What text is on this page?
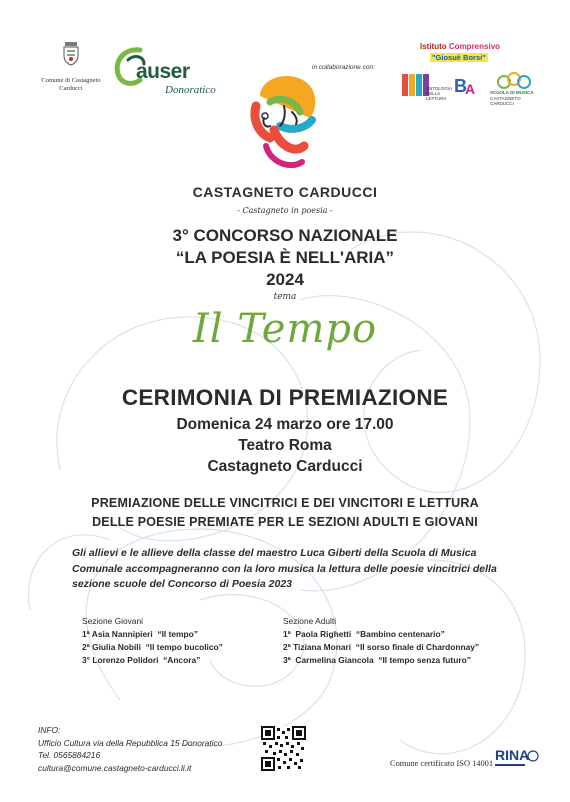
Comune di Castagneto Carducci
auser
Donoratico
in collaborazione con:
Istituto Comprensivo
"Giosuè Borsi"
ANTOLOGIA DELLA LETTURA
B
A	SCUOLA DI MUSICA
CASTAGNETO CARDUCCI
CASTAGNETO CARDUCCI
- Castagneto in poesia -
3° CONCORSO NAZIONALE
“LA POESIA È NELL'ARIA”
2024
tema
Il Tempo
CERIMONIA DI PREMIAZIONE
Domenica 24 marzo ore 17.00
Teatro Roma
Castagneto Carducci
PREMIAZIONE DELLE VINCITRICI E DEI VINCITORI E LETTURA
DELLE POESIE PREMIATE PER LE SEZIONI ADULTI E GIOVANI
Gli allievi e le allieve della classe del maestro Luca Giberti della Scuola di Musica Comunale accompagneranno con la loro musica la lettura delle poesie vincitrici della sezione scuole del Concorso di Poesia 2023
Sezione Giovani
1ª Asia Nannipieri “Il tempo”
2ª Giulia Nobili “Il tempo bucolico”
3° Lorenzo Polidori “Ancora”
Sezione Adulti
1ª Paola Righetti “Bambino centenario”
2ª Tiziana Monari “Il sorso finale di Chardonnay”
3ª Carmelina Giancola “Il tempo senza futuro”
INFO:
Ufficio Cultura via della Repubblica 15 Donoratico
Tel. 0565884216
cultura@comune.castagneto-carducci.li.it	Comune certificato ISO 14001
RINA
